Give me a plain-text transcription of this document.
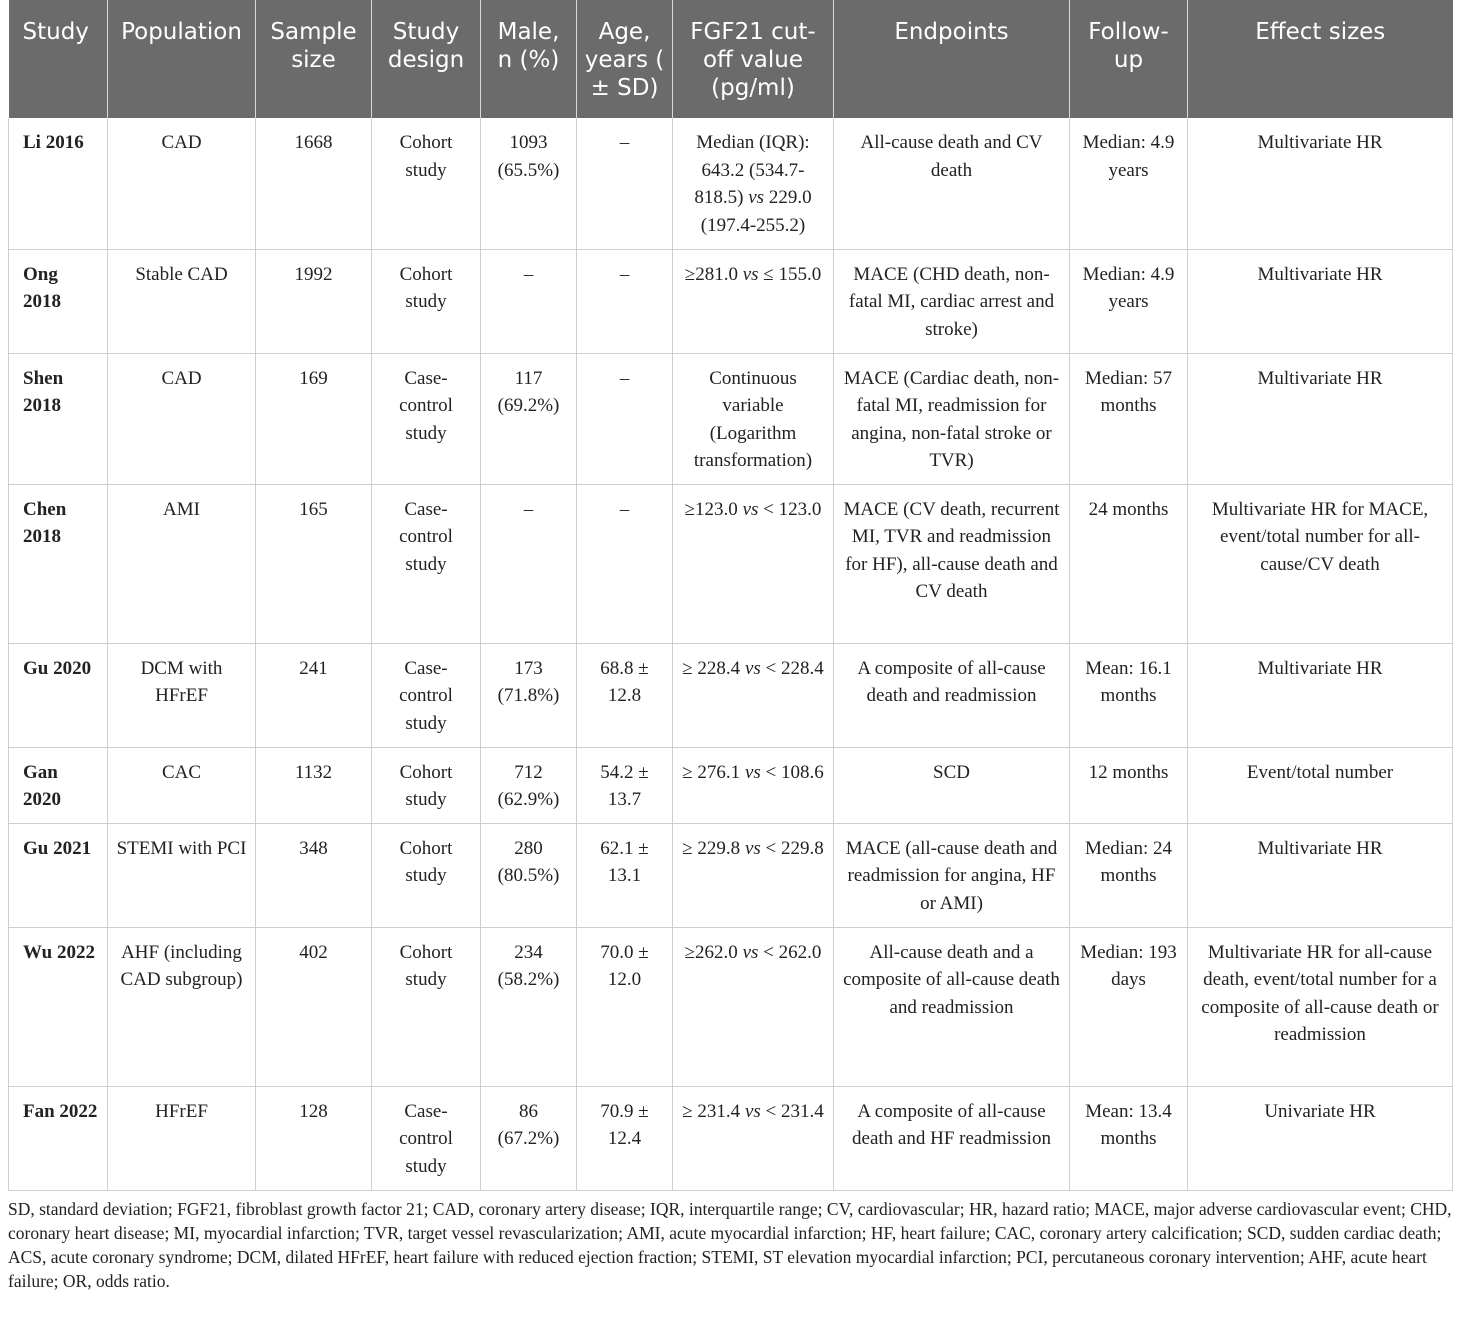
Study	Population	Sample size	Study design	Male, n (%)	Age, years ( ± SD)	FGF21 cut-off value (pg/ml)	Endpoints	Follow-up	Effect sizes
Li 2016	CAD	1668	Cohort study	1093 (65.5%)	–	Median (IQR): 643.2 (534.7-818.5) vs 229.0 (197.4-255.2)	All-cause death and CV death	Median: 4.9 years	Multivariate HR
Ong 2018	Stable CAD	1992	Cohort study	–	–	≥281.0 vs ≤ 155.0	MACE (CHD death, non-fatal MI, cardiac arrest and stroke)	Median: 4.9 years	Multivariate HR
Shen 2018	CAD	169	Case-control study	117 (69.2%)	–	Continuous variable (Logarithm transformation)	MACE (Cardiac death, non-fatal MI, readmission for angina, non-fatal stroke or TVR)	Median: 57 months	Multivariate HR
Chen 2018	AMI	165	Case-control study	–	–	≥123.0 vs < 123.0	MACE (CV death, recurrent MI, TVR and readmission for HF), all-cause death and CV death	24 months	Multivariate HR for MACE, event/total number for all-cause/CV death
Gu 2020	DCM with HFrEF	241	Case-control study	173 (71.8%)	68.8 ± 12.8	≥ 228.4 vs < 228.4	A composite of all-cause death and readmission	Mean: 16.1 months	Multivariate HR
Gan 2020	CAC	1132	Cohort study	712 (62.9%)	54.2 ± 13.7	≥ 276.1 vs < 108.6	SCD	12 months	Event/total number
Gu 2021	STEMI with PCI	348	Cohort study	280 (80.5%)	62.1 ± 13.1	≥ 229.8 vs < 229.8	MACE (all-cause death and readmission for angina, HF or AMI)	Median: 24 months	Multivariate HR
Wu 2022	AHF (including CAD subgroup)	402	Cohort study	234 (58.2%)	70.0 ± 12.0	≥262.0 vs < 262.0	All-cause death and a composite of all-cause death and readmission	Median: 193 days	Multivariate HR for all-cause death, event/total number for a composite of all-cause death or readmission
Fan 2022	HFrEF	128	Case-control study	86 (67.2%)	70.9 ± 12.4	≥ 231.4 vs < 231.4	A composite of all-cause death and HF readmission	Mean: 13.4 months	Univariate HR
SD, standard deviation; FGF21, fibroblast growth factor 21; CAD, coronary artery disease; IQR, interquartile range; CV, cardiovascular; HR, hazard ratio; MACE, major adverse cardiovascular event; CHD, coronary heart disease; MI, myocardial infarction; TVR, target vessel revascularization; AMI, acute myocardial infarction; HF, heart failure; CAC, coronary artery calcification; SCD, sudden cardiac death; ACS, acute coronary syndrome; DCM, dilated HFrEF, heart failure with reduced ejection fraction; STEMI, ST elevation myocardial infarction; PCI, percutaneous coronary intervention; AHF, acute heart failure; OR, odds ratio.
